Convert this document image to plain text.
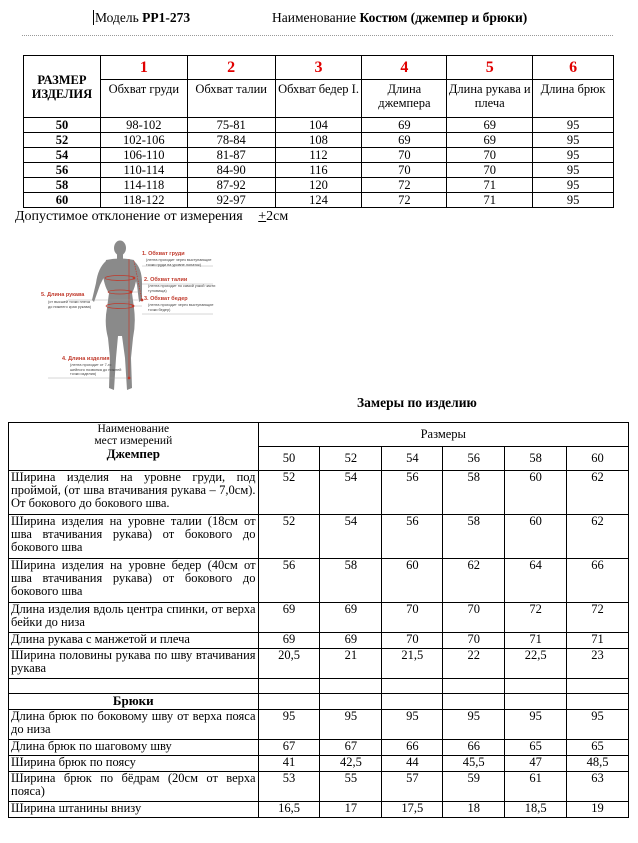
Модель PP1-273	Наименование Костюм (джемпер и брюки)
РАЗМЕР
ИЗДЕЛИЯ	1	2	3	4	5	6
	Обхват груди	Обхват талии	Обхват бедер I.	Длина джемпера	Длина рукава и плеча	Длина брюк
50	98-102	75-81	104	69	69	95
52	102-106	78-84	108	69	69	95
54	106-110	81-87	112	70	70	95
56	110-114	84-90	116	70	70	95
58	114-118	87-92	120	72	71	95
60	118-122	92-97	124	72	71	95
Допустимое отклонение от измерения +2см
1. Обхват груди
(лента проходит через выступающие точки груди на уровне лопаток)
2. Обхват талии
(лента проходит по самой узкой части туловища)
3. Обхват бедер
(лента проходит через выступающие точки бедер)
5. Длина рукава
(от высшей точки плеча до нижнего края рукава)
4. Длина изделия
(лента проходит от 7-го шейного позвонка до нижней точки изделия)
Замеры по изделию
Наименование
мест измерений
Джемпер	Размеры					
	50	52	54	56	58	60
Ширина изделия на уровне груди, под проймой, (от шва втачивания рукава – 7,0см). От бокового до бокового шва.	52	54	56	58	60	62
Ширина изделия на уровне талии (18см от шва втачивания рукава) от бокового до бокового шва	52	54	56	58	60	62
Ширина изделия на уровне бедер (40см от шва втачивания рукава) от бокового до бокового шва	56	58	60	62	64	66
Длина изделия вдоль центра спинки, от верха бейки до низа	69	69	70	70	72	72
Длина рукава с манжетой и плеча	69	69	70	70	71	71
Ширина половины рукава по шву втачивания рукава	20,5	21	21,5	22	22,5	23

Брюки						
Длина брюк по боковому шву от верха пояса до низа	95	95	95	95	95	95
Длина брюк по шаговому шву	67	67	66	66	65	65
Ширина брюк по поясу	41	42,5	44	45,5	47	48,5
Ширина брюк по бёдрам (20см от верха пояса)	53	55	57	59	61	63
Ширина штанины внизу	16,5	17	17,5	18	18,5	19
